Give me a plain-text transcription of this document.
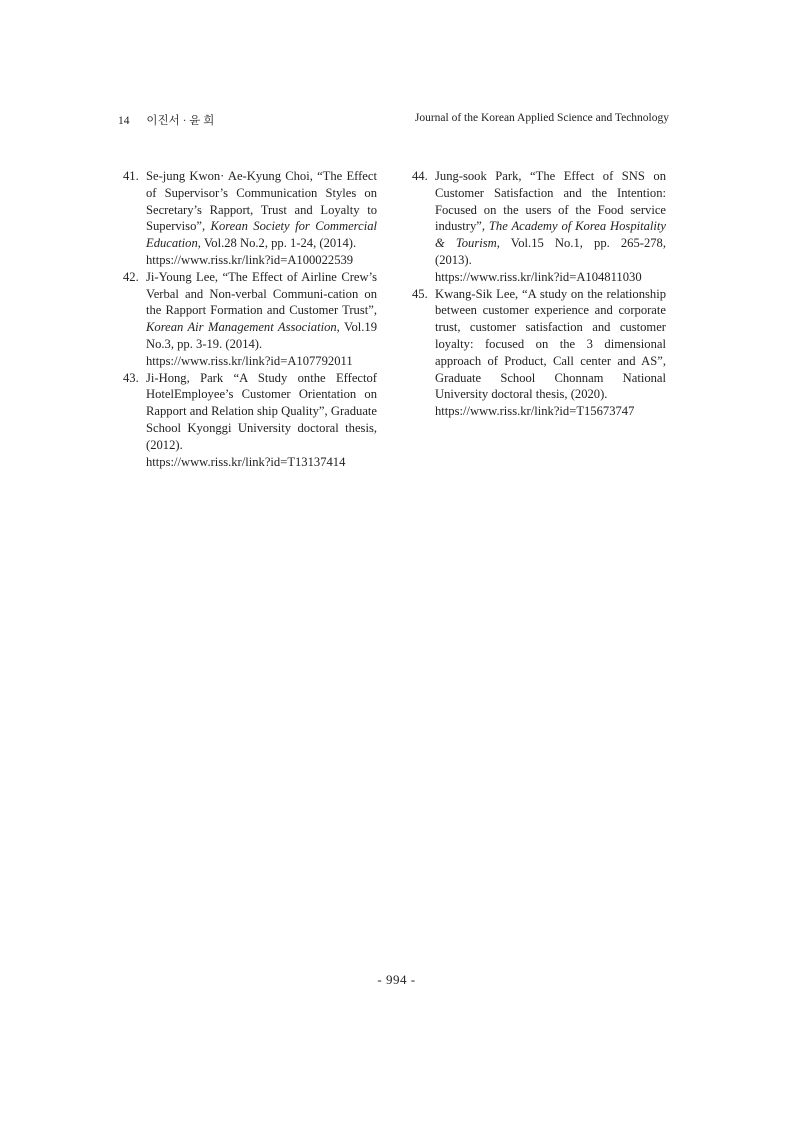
14 이진서 · 윤 희	Journal of the Korean Applied Science and Technology
41. Se-jung Kwon· Ae-Kyung Choi, “The Effect of Supervisor’s Communication Styles on Secretary’s Rapport, Trust and Loyalty to Superviso”, Korean Society for Commercial Education, Vol.28 No.2, pp. 1-24, (2014).
https://www.riss.kr/link?id=A100022539
42. Ji-Young Lee, “The Effect of Airline Crew’s Verbal and Non-verbal Communi-cation on the Rapport Formation and Customer Trust”, Korean Air Management Association, Vol.19 No.3, pp. 3-19. (2014).
https://www.riss.kr/link?id=A107792011
43. Ji-Hong, Park “A Study onthe Effectof HotelEmployee’s Customer Orientation on Rapport and Relation ship Quality”, Graduate School Kyonggi University doctoral thesis, (2012).
https://www.riss.kr/link?id=T13137414
44. Jung-sook Park, “The Effect of SNS on Customer Satisfaction and the Intention: Focused on the users of the Food service industry”, The Academy of Korea Hospitality & Tourism, Vol.15 No.1, pp. 265-278, (2013).
https://www.riss.kr/link?id=A104811030
45. Kwang-Sik Lee, “A study on the relationship between customer experience and corporate trust, customer satisfaction and customer loyalty: focused on the 3 dimensional approach of Product, Call center and AS”, Graduate School Chonnam National University doctoral thesis, (2020).
https://www.riss.kr/link?id=T15673747
- 994 -
